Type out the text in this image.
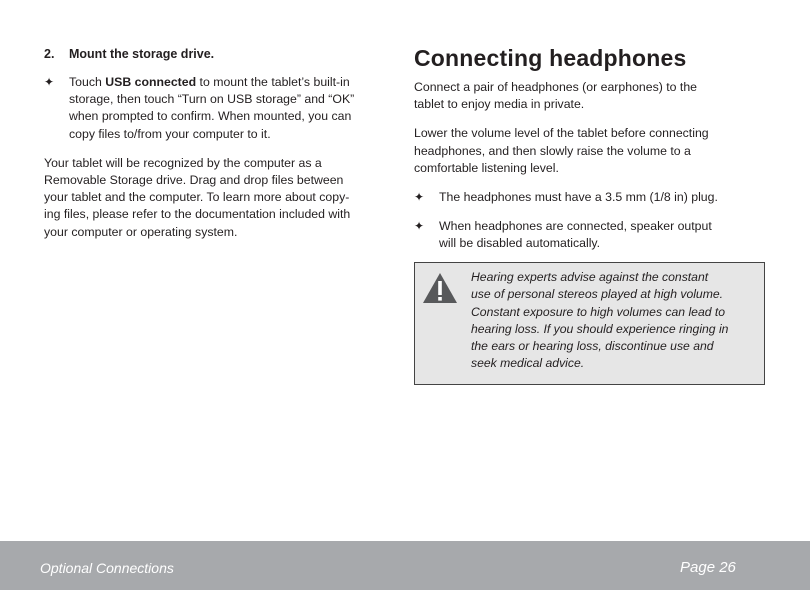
2. Mount the storage drive.
✦ Touch USB connected to mount the tablet’s built-in
storage, then touch “Turn on USB storage” and “OK”
when prompted to confirm. When mounted, you can
copy files to/from your computer to it.
Your tablet will be recognized by the computer as a
Removable Storage drive. Drag and drop files between
your tablet and the computer. To learn more about copy-
ing files, please refer to the documentation included with
your computer or operating system.
Connecting headphones
Connect a pair of headphones (or earphones) to the
tablet to enjoy media in private.
Lower the volume level of the tablet before connecting
headphones, and then slowly raise the volume to a
comfortable listening level.
✦ The headphones must have a 3.5 mm (1/8 in) plug.
✦ When headphones are connected, speaker output
will be disabled automatically.
Hearing experts advise against the constant
use of personal stereos played at high volume.
Constant exposure to high volumes can lead to
hearing loss. If you should experience ringing in
the ears or hearing loss, discontinue use and
seek medical advice.
Optional Connections	Page 26
